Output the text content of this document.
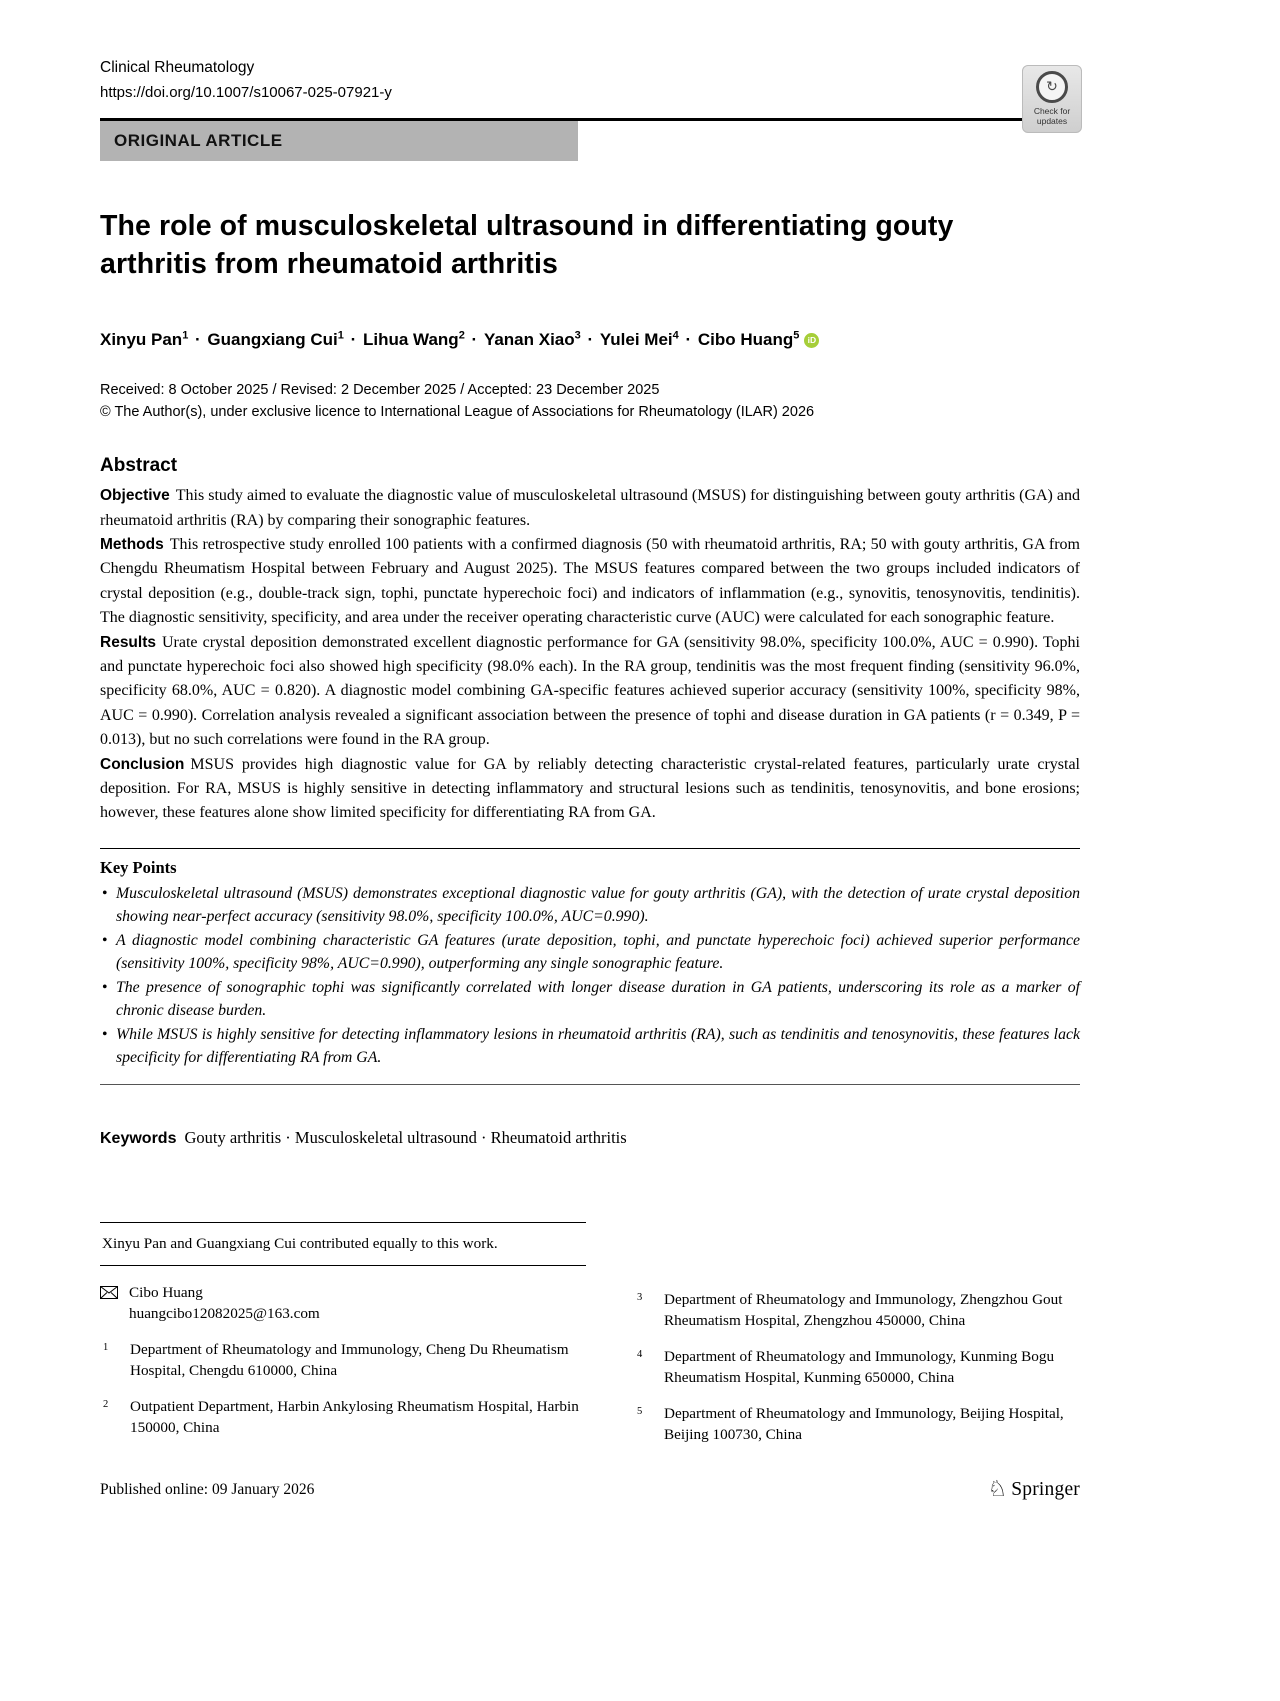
Clinical Rheumatology
https://doi.org/10.1007/s10067-025-07921-y
ORIGINAL ARTICLE
↻
Check for updates
The role of musculoskeletal ultrasound in differentiating gouty arthritis from rheumatoid arthritis
Xinyu Pan$^1$ · Guangxiang Cui$^1$ · Lihua Wang$^2$ · Yanan Xiao$^3$ · Yulei Mei$^4$ · Cibo Huang$^5$ iD
Received: 8 October 2025 / Revised: 2 December 2025 / Accepted: 23 December 2025
© The Author(s), under exclusive licence to International League of Associations for Rheumatology (ILAR) 2026
Abstract

Objective This study aimed to evaluate the diagnostic value of musculoskeletal ultrasound (MSUS) for distinguishing between gouty arthritis (GA) and rheumatoid arthritis (RA) by comparing their sonographic features.

Methods This retrospective study enrolled 100 patients with a confirmed diagnosis (50 with rheumatoid arthritis, RA; 50 with gouty arthritis, GA from Chengdu Rheumatism Hospital between February and August 2025). The MSUS features compared between the two groups included indicators of crystal deposition (e.g., double-track sign, tophi, punctate hyperechoic foci) and indicators of inflammation (e.g., synovitis, tenosynovitis, tendinitis). The diagnostic sensitivity, specificity, and area under the receiver operating characteristic curve (AUC) were calculated for each sonographic feature.

Results Urate crystal deposition demonstrated excellent diagnostic performance for GA (sensitivity 98.0%, specificity 100.0%, AUC = 0.990). Tophi and punctate hyperechoic foci also showed high specificity (98.0% each). In the RA group, tendinitis was the most frequent finding (sensitivity 96.0%, specificity 68.0%, AUC = 0.820). A diagnostic model combining GA-specific features achieved superior accuracy (sensitivity 100%, specificity 98%, AUC = 0.990). Correlation analysis revealed a significant association between the presence of tophi and disease duration in GA patients (r = 0.349, P = 0.013), but no such correlations were found in the RA group.

Conclusion MSUS provides high diagnostic value for GA by reliably detecting characteristic crystal-related features, particularly urate crystal deposition. For RA, MSUS is highly sensitive in detecting inflammatory and structural lesions such as tendinitis, tenosynovitis, and bone erosions; however, these features alone show limited specificity for differentiating RA from GA.

Key Points
• Musculoskeletal ultrasound (MSUS) demonstrates exceptional diagnostic value for gouty arthritis (GA), with the detection of urate crystal deposition showing near-perfect accuracy (sensitivity 98.0%, specificity 100.0%, AUC=0.990).
• A diagnostic model combining characteristic GA features (urate deposition, tophi, and punctate hyperechoic foci) achieved superior performance (sensitivity 100%, specificity 98%, AUC=0.990), outperforming any single sonographic feature.
• The presence of sonographic tophi was significantly correlated with longer disease duration in GA patients, underscoring its role as a marker of chronic disease burden.
• While MSUS is highly sensitive for detecting inflammatory lesions in rheumatoid arthritis (RA), such as tendinitis and tenosynovitis, these features lack specificity for differentiating RA from GA.
Keywords Gouty arthritis · Musculoskeletal ultrasound · Rheumatoid arthritis
Xinyu Pan and Guangxiang Cui contributed equally to this work.
Cibo Huang
huangcibo12082025@163.com
1	Department of Rheumatology and Immunology, Cheng Du Rheumatism Hospital, Chengdu 610000, China
2	Outpatient Department, Harbin Ankylosing Rheumatism Hospital, Harbin 150000, China
3	Department of Rheumatology and Immunology, Zhengzhou Gout Rheumatism Hospital, Zhengzhou 450000, China
4	Department of Rheumatology and Immunology, Kunming Bogu Rheumatism Hospital, Kunming 650000, China
5	Department of Rheumatology and Immunology, Beijing Hospital, Beijing 100730, China
Published online: 09 January 2026	♘ Springer
